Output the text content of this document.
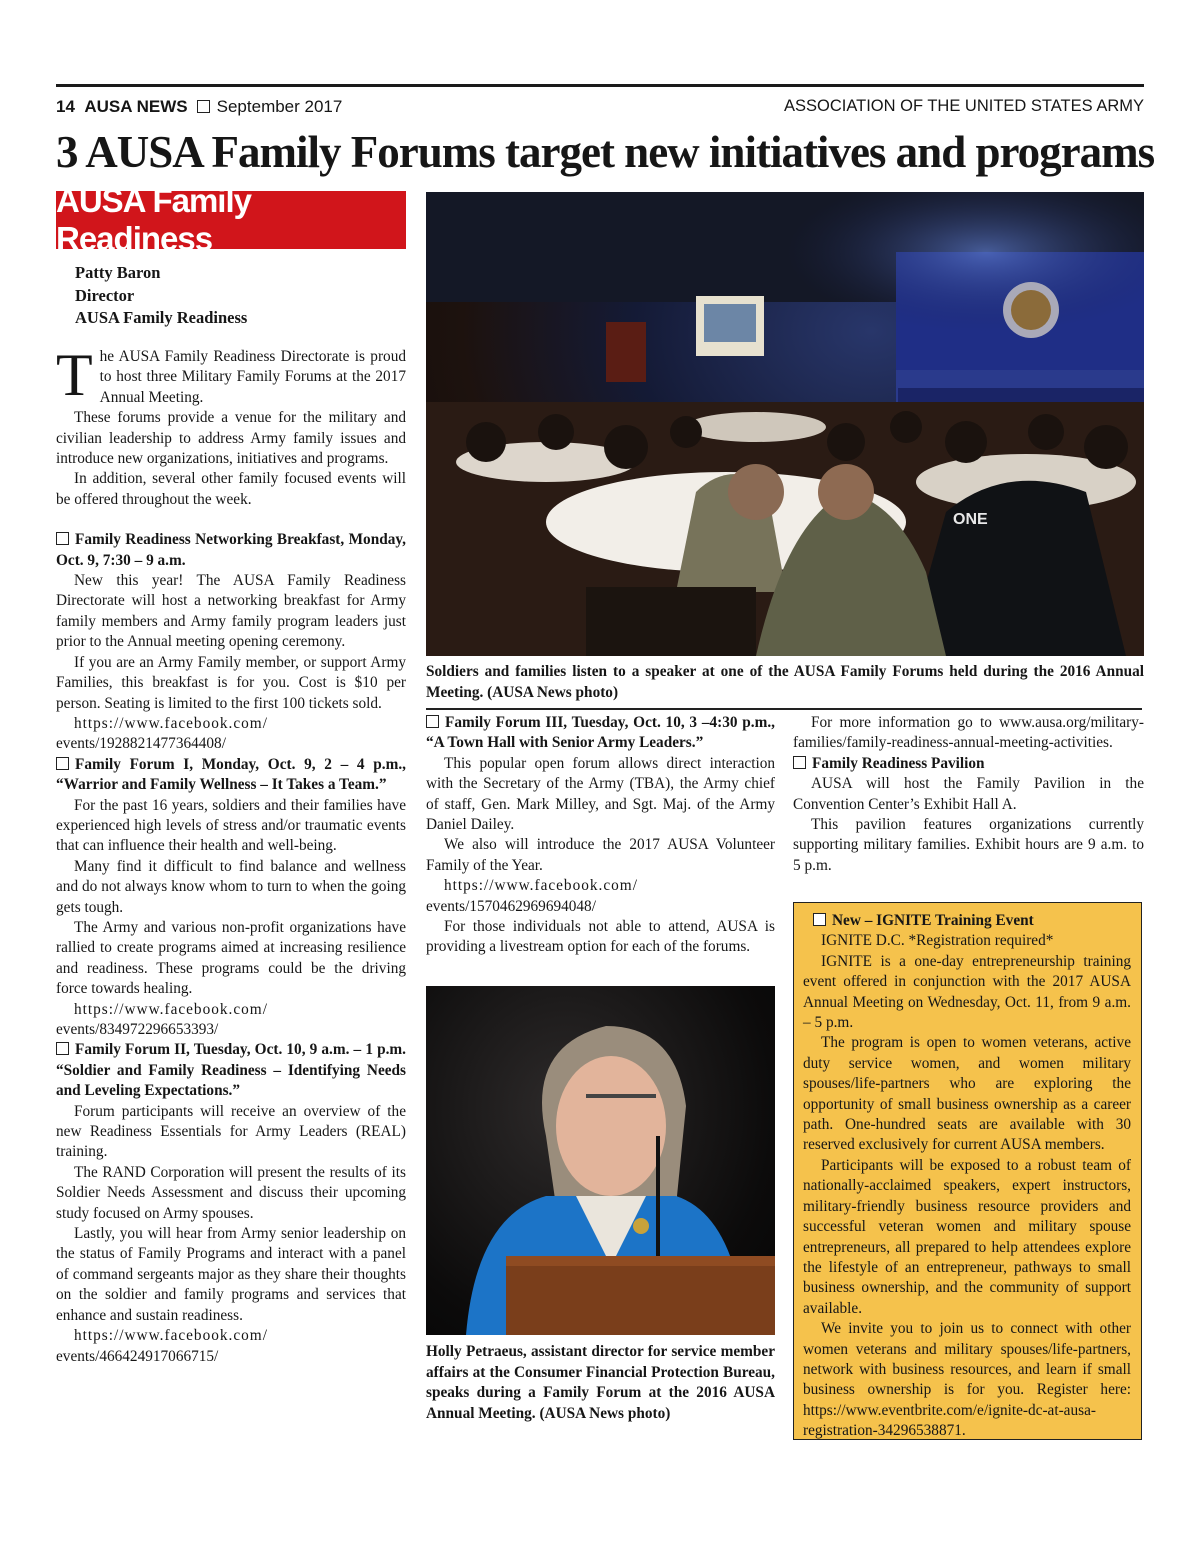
14 AUSA NEWS September 2017	ASSOCIATION OF THE UNITED STATES ARMY
3 AUSA Family Forums target new initiatives and programs
AUSA Family Readiness
Patty Baron
Director
AUSA Family Readiness

The AUSA Family Readiness Directorate is proud to host three Military Family Forums at the 2017 Annual Meeting.

These forums provide a venue for the military and civilian leadership to address Army family issues and introduce new organizations, initiatives and programs.

In addition, several other family focused events will be offered throughout the week.

Family Readiness Networking Breakfast, Monday, Oct. 9, 7:30 – 9 a.m.

New this year! The AUSA Family Readiness Directorate will host a networking breakfast for Army family members and Army family program leaders just prior to the Annual meeting opening ceremony.

If you are an Army Family member, or support Army Families, this breakfast is for you. Cost is $10 per person. Seating is limited to the first 100 tickets sold.

https://www.facebook.com/
events/1928821477364408/

Family Forum I, Monday, Oct. 9, 2 – 4 p.m., “Warrior and Family Wellness – It Takes a Team.”

For the past 16 years, soldiers and their families have experienced high levels of stress and/or traumatic events that can influence their health and well-being.

Many find it difficult to find balance and wellness and do not always know whom to turn to when the going gets tough.

The Army and various non-profit organizations have rallied to create programs aimed at increasing resilience and readiness. These programs could be the driving force towards healing.

https://www.facebook.com/
events/834972296653393/

Family Forum II, Tuesday, Oct. 10, 9 a.m. – 1 p.m. “Soldier and Family Readiness – Identifying Needs and Leveling Expectations.”

Forum participants will receive an overview of the new Readiness Essentials for Army Leaders (REAL) training.

The RAND Corporation will present the results of its Soldier Needs Assessment and discuss their upcoming study focused on Army spouses.

Lastly, you will hear from Army senior leadership on the status of Family Programs and interact with a panel of command sergeants major as they share their thoughts on the soldier and family programs and services that enhance and sustain readiness.

https://www.facebook.com/
events/466424917066715/
ONE
Soldiers and families listen to a speaker at one of the AUSA Family Forums held during the 2016 Annual Meeting. (AUSA News photo)

Family Forum III, Tuesday, Oct. 10, 3 –4:30 p.m., “A Town Hall with Senior Army Leaders.”

This popular open forum allows direct interaction with the Secretary of the Army (TBA), the Army chief of staff, Gen. Mark Milley, and Sgt. Maj. of the Army Daniel Dailey.

We also will introduce the 2017 AUSA Volunteer Family of the Year.

https://www.facebook.com/
events/1570462969694048/

For those individuals not able to attend, AUSA is providing a livestream option for each of the forums.

Holly Petraeus, assistant director for service member affairs at the Consumer Financial Protection Bureau, speaks during a Family Forum at the 2016 AUSA Annual Meeting. (AUSA News photo)

For more information go to www.ausa.org/military-families/family-readiness-annual-meeting-activities.

Family Readiness Pavilion

AUSA will host the Family Pavilion in the Convention Center’s Exhibit Hall A.

This pavilion features organizations currently supporting military families. Exhibit hours are 9 a.m. to 5 p.m.

New – IGNITE Training Event

IGNITE D.C. *Registration required*

IGNITE is a one-day entrepreneurship training event offered in conjunction with the 2017 AUSA Annual Meeting on Wednesday, Oct. 11, from 9 a.m. – 5 p.m.

The program is open to women veterans, active duty service women, and women military spouses/life-partners who are exploring the opportunity of small business ownership as a career path. One-hundred seats are available with 30 reserved exclusively for current AUSA members.

Participants will be exposed to a robust team of nationally-acclaimed speakers, expert instructors, military-friendly business resource providers and successful veteran women and military spouse entrepreneurs, all prepared to help attendees explore the lifestyle of an entrepreneur, pathways to small business ownership, and the community of support available.

We invite you to join us to connect with other women veterans and military spouses/life-partners, network with business resources, and learn if small business ownership is for you. Register here: https://www.eventbrite.com/e/ignite-dc-at-ausa-registration-34296538871.
